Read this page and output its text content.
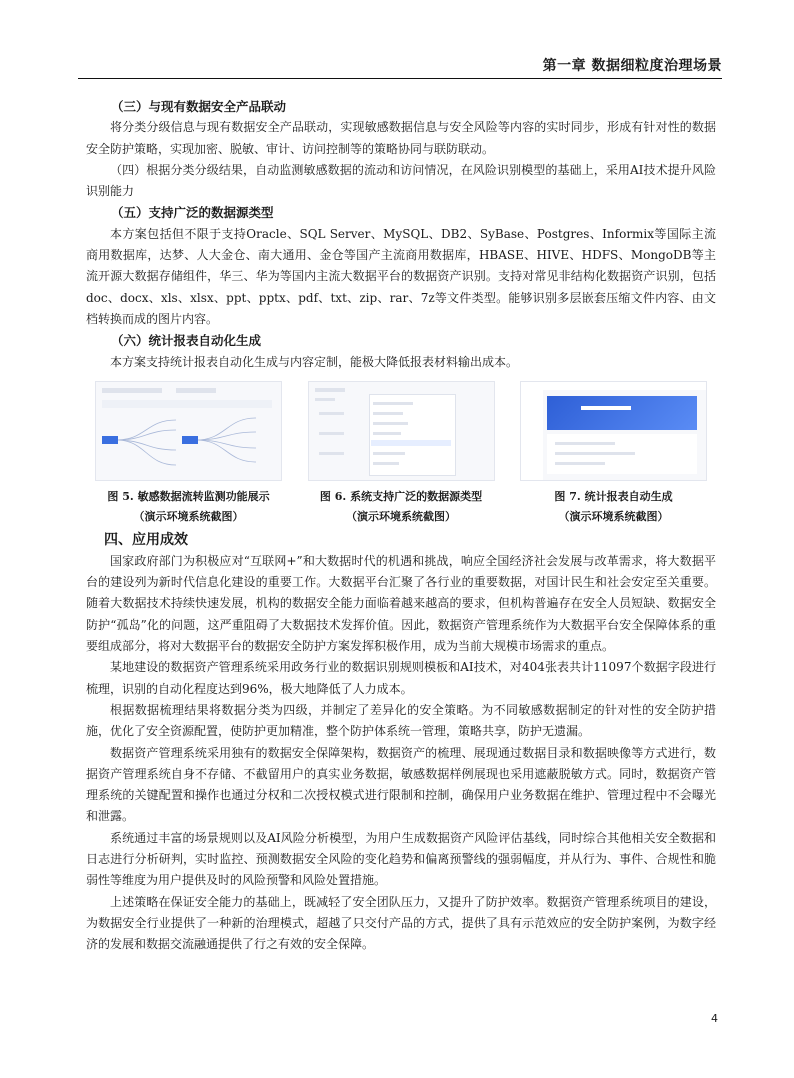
第一章 数据细粒度治理场景

（三）与现有数据安全产品联动

将分类分级信息与现有数据安全产品联动，实现敏感数据信息与安全风险等内容的实时同步，形成有针对性的数据安全防护策略，实现加密、脱敏、审计、访问控制等的策略协同与联防联动。

（四）根据分类分级结果，自动监测敏感数据的流动和访问情况，在风险识别模型的基础上，采用AI技术提升风险识别能力

（五）支持广泛的数据源类型

本方案包括但不限于支持Oracle、SQL Server、MySQL、DB2、SyBase、Postgres、Informix等国际主流商用数据库，达梦、人大金仓、南大通用、金仓等国产主流商用数据库，HBASE、HIVE、HDFS、MongoDB等主流开源大数据存储组件，华三、华为等国内主流大数据平台的数据资产识别。支持对常见非结构化数据资产识别，包括doc、docx、xls、xlsx、ppt、pptx、pdf、txt、zip、rar、7z等文件类型。能够识别多层嵌套压缩文件内容、由文档转换而成的图片内容。

（六）统计报表自动化生成

本方案支持统计报表自动化生成与内容定制，能极大降低报表材料输出成本。

图 5. 敏感数据流转监测功能展示
（演示环境系统截图）
图 6. 系统支持广泛的数据源类型
（演示环境系统截图）
图 7. 统计报表自动生成
（演示环境系统截图）

四、应用成效

国家政府部门为积极应对“互联网+”和大数据时代的机遇和挑战，响应全国经济社会发展与改革需求，将大数据平台的建设列为新时代信息化建设的重要工作。大数据平台汇聚了各行业的重要数据，对国计民生和社会安定至关重要。随着大数据技术持续快速发展，机构的数据安全能力面临着越来越高的要求，但机构普遍存在安全人员短缺、数据安全防护“孤岛”化的问题，这严重阻碍了大数据技术发挥价值。因此，数据资产管理系统作为大数据平台安全保障体系的重要组成部分，将对大数据平台的数据安全防护方案发挥积极作用，成为当前大规模市场需求的重点。

某地建设的数据资产管理系统采用政务行业的数据识别规则模板和AI技术，对404张表共计11097个数据字段进行梳理，识别的自动化程度达到96%，极大地降低了人力成本。

根据数据梳理结果将数据分类为四级，并制定了差异化的安全策略。为不同敏感数据制定的针对性的安全防护措施，优化了安全资源配置，使防护更加精准，整个防护体系统一管理，策略共享，防护无遗漏。

数据资产管理系统采用独有的数据安全保障架构，数据资产的梳理、展现通过数据目录和数据映像等方式进行，数据资产管理系统自身不存储、不截留用户的真实业务数据，敏感数据样例展现也采用遮蔽脱敏方式。同时，数据资产管理系统的关键配置和操作也通过分权和二次授权模式进行限制和控制，确保用户业务数据在维护、管理过程中不会曝光和泄露。

系统通过丰富的场景规则以及AI风险分析模型，为用户生成数据资产风险评估基线，同时综合其他相关安全数据和日志进行分析研判，实时监控、预测数据安全风险的变化趋势和偏离预警线的强弱幅度，并从行为、事件、合规性和脆弱性等维度为用户提供及时的风险预警和风险处置措施。

上述策略在保证安全能力的基础上，既减轻了安全团队压力，又提升了防护效率。数据资产管理系统项目的建设，为数据安全行业提供了一种新的治理模式，超越了只交付产品的方式，提供了具有示范效应的安全防护案例，为数字经济的发展和数据交流融通提供了行之有效的安全保障。

4
